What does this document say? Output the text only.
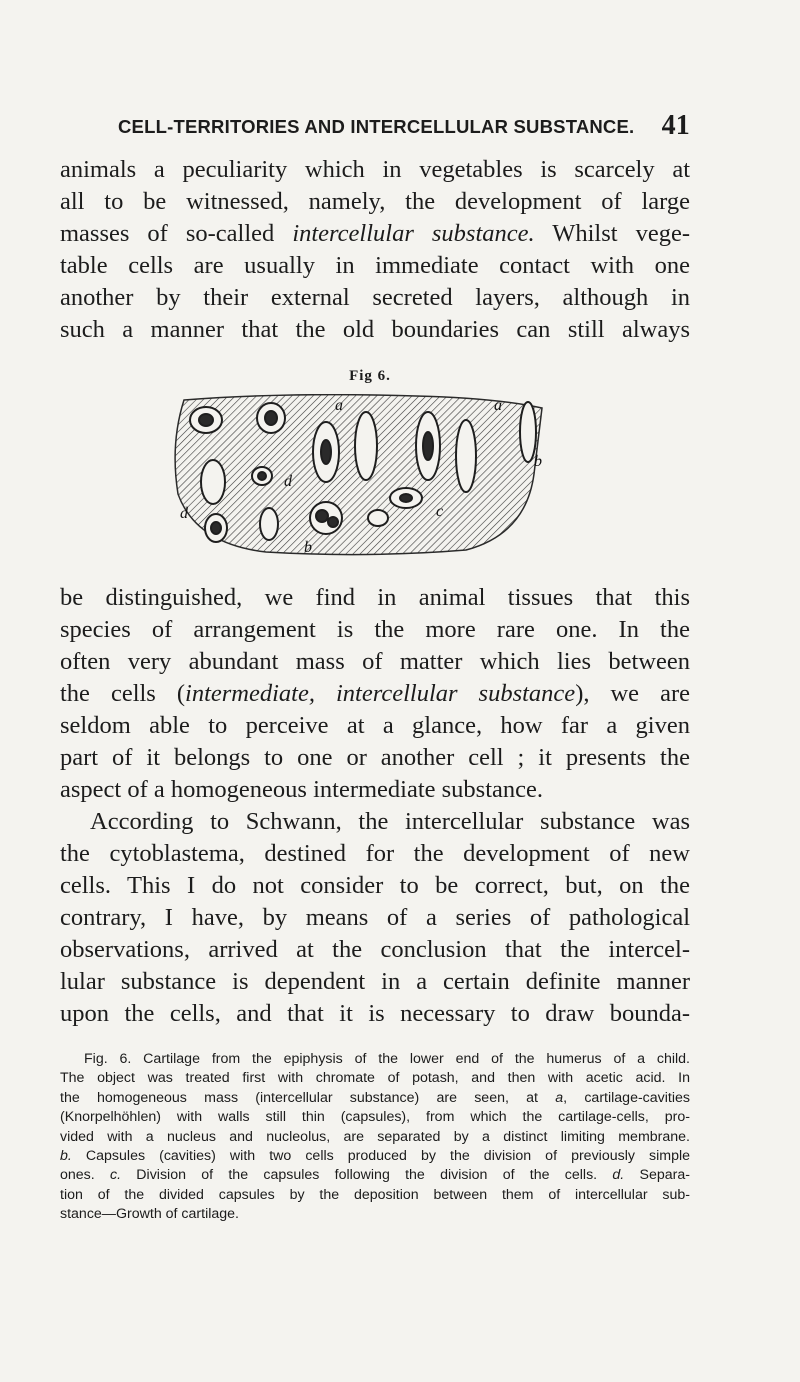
CELL-TERRITORIES AND INTERCELLULAR SUBSTANCE. 41

animals a peculiarity which in vegetables is scarcely at
all to be witnessed, namely, the development of large
masses of so-called intercellular substance. Whilst vege-
table cells are usually in immediate contact with one
another by their external secreted layers, although in
such a manner that the old boundaries can still always

Fig 6.
a	a
b
b
d
d	c

be distinguished, we find in animal tissues that this
species of arrangement is the more rare one. In the
often very abundant mass of matter which lies between
the cells (intermediate, intercellular substance), we are
seldom able to perceive at a glance, how far a given
part of it belongs to one or another cell ; it presents the
aspect of a homogeneous intermediate substance.

According to Schwann, the intercellular substance was
the cytoblastema, destined for the development of new
cells. This I do not consider to be correct, but, on the
contrary, I have, by means of a series of pathological
observations, arrived at the conclusion that the intercel-
lular substance is dependent in a certain definite manner
upon the cells, and that it is necessary to draw bounda-

Fig. 6. Cartilage from the epiphysis of the lower end of the humerus of a child.
The object was treated first with chromate of potash, and then with acetic acid. In
the homogeneous mass (intercellular substance) are seen, at a, cartilage-cavities
(Knorpelhöhlen) with walls still thin (capsules), from which the cartilage-cells, pro-
vided with a nucleus and nucleolus, are separated by a distinct limiting membrane.
b. Capsules (cavities) with two cells produced by the division of previously simple
ones. c. Division of the capsules following the division of the cells. d. Separa-
tion of the divided capsules by the deposition between them of intercellular sub-
stance—Growth of cartilage.
